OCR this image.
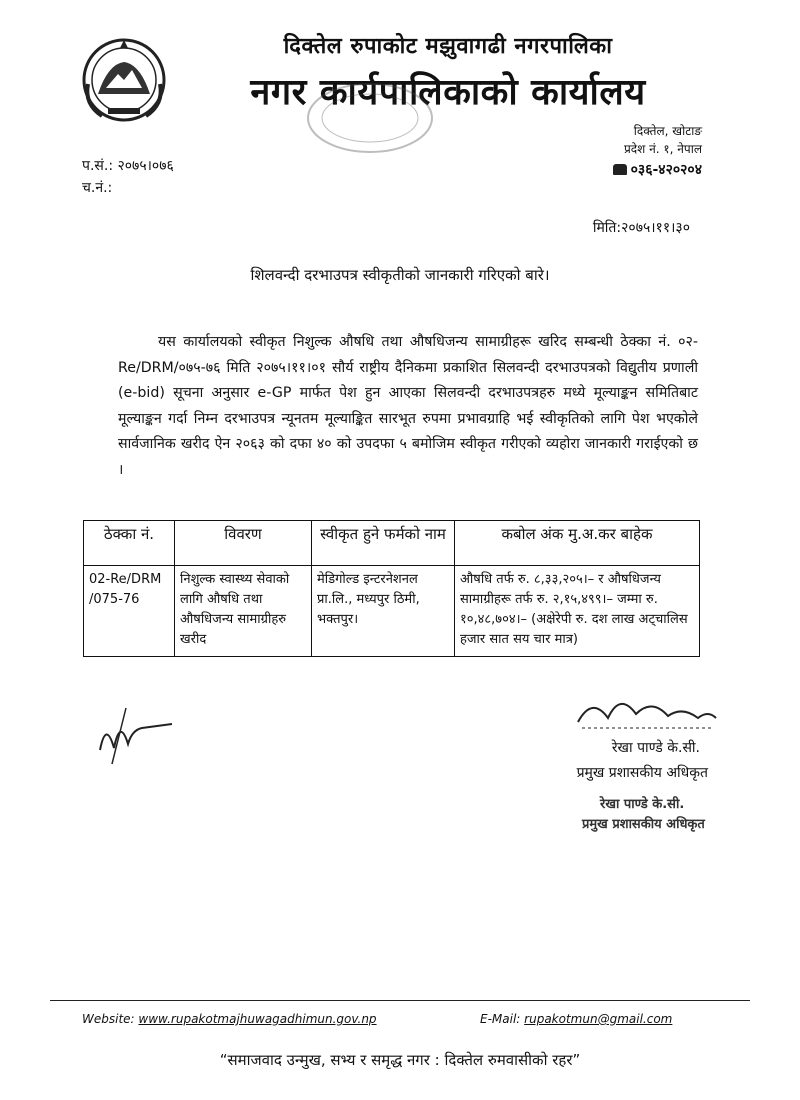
दिक्तेल रुपाकोट मझुवागढी नगरपालिका
नगर कार्यपालिकाको कार्यालय
दिक्तेल, खोटाङ
प्रदेश नं. १, नेपाल
०३६-४२०२०४
प.सं.: २०७५।०७६
च.नं.:
मिति:२०७५।११।३०
शिलवन्दी दरभाउपत्र स्वीकृतीको जानकारी गरिएको बारे।

यस कार्यालयको स्वीकृत निशुल्क औषधि तथा औषधिजन्य सामाग्रीहरू खरिद सम्बन्धी ठेक्का नं. ०२-Re/DRM/०७५-७६ मिति २०७५।११।०१ सौर्य राष्ट्रीय दैनिकमा प्रकाशित सिलवन्दी दरभाउपत्रको विद्युतीय प्रणाली (e-bid) सूचना अनुसार e-GP मार्फत पेश हुन आएका सिलवन्दी दरभाउपत्रहरु मध्ये मूल्याङ्कन समितिबाट मूल्याङ्कन गर्दा निम्न दरभाउपत्र न्यूनतम मूल्याङ्कित सारभूत रुपमा प्रभावग्राहि भई स्वीकृतिको लागि पेश भएकोले सार्वजानिक खरीद ऐन २०६३ को दफा ४० को उपदफा ५ बमोजिम स्वीकृत गरीएको व्यहोरा जानकारी गराईएको छ ।

ठेक्का नं.	विवरण	स्वीकृत हुने फर्मको नाम	कबोल अंक मु.अ.कर बाहेक
02-Re/DRM /075-76	निशुल्क स्वास्थ्य सेवाको लागि औषधि तथा औषधिजन्य सामाग्रीहरु खरीद	मेडिगोल्ड इन्टरनेशनल प्रा.लि., मध्यपुर ठिमी, भक्तपुर।	औषधि तर्फ रु. ८,३३,२०५।– र औषधिजन्य सामाग्रीहरू तर्फ रु. २,१५,४९९।– जम्मा रु. १०,४८,७०४।– (अक्षेरेपी रु. दश लाख अट्चालिस हजार सात सय चार मात्र)
रेखा पाण्डे के.सी.
प्रमुख प्रशासकीय अधिकृत
रेखा पाण्डे के.सी.
प्रमुख प्रशासकीय अधिकृत
Website: www.rupakotmajhuwagadhimun.gov.np	E-Mail: rupakotmun@gmail.com
“समाजवाद उन्मुख, सभ्य र समृद्ध नगर : दिक्तेल रुमवासीको रहर”
